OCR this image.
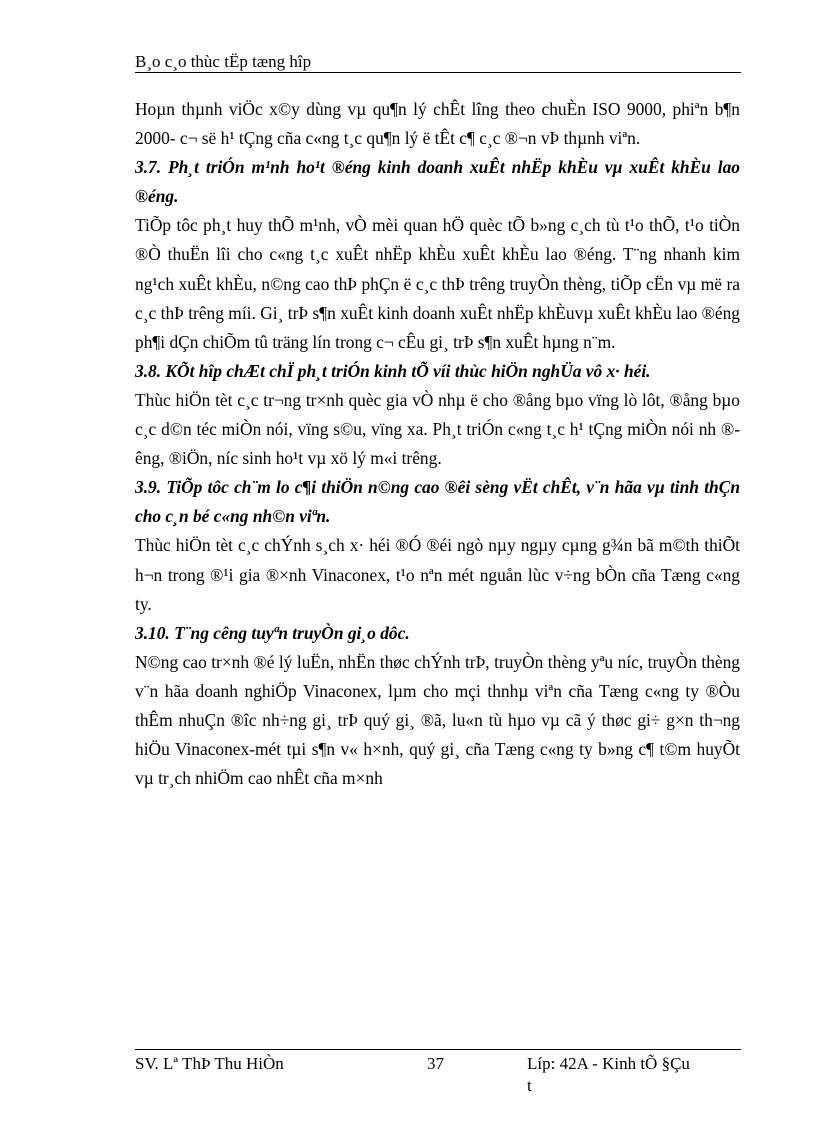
B¸o c¸o thùc tËp tæng hîp

Hoµn thµnh viÖc x©y dùng vµ qu¶n lý chÊt lîng theo chuÈn ISO 9000, phiªn b¶n 2000- c¬ së h¹ tÇng cña c«ng t¸c qu¶n lý ë tÊt c¶ c¸c ®¬n vÞ thµnh viªn.

3.7. Ph¸t triÓn m¹nh ho¹t ®éng kinh doanh xuÊt nhËp khÈu vµ xuÊt khÈu lao ®éng.

TiÕp tôc ph¸t huy thÕ m¹nh, vÒ mèi quan hÖ quèc tÕ b»ng c¸ch tù t¹o thÕ, t¹o tiÒn ®Ò thuËn lîi cho c«ng t¸c xuÊt nhËp khÈu xuÊt khÈu lao ®éng. T¨ng nhanh kim ng¹ch xuÊt khÈu, n©ng cao thÞ phÇn ë c¸c thÞ trêng truyÒn thèng, tiÕp cËn vµ më ra c¸c thÞ trêng míi. Gi¸ trÞ s¶n xuÊt kinh doanh xuÊt nhËp khÈuvµ xuÊt khÈu lao ®éng ph¶i dÇn chiÕm tû träng lín trong c¬ cÊu gi¸ trÞ s¶n xuÊt hµng n¨m.

3.8. KÕt hîp chÆt chÏ ph¸t triÓn kinh tÕ víi thùc hiÖn nghÜa vô x· héi.

Thùc hiÖn tèt c¸c tr¬ng tr×nh quèc gia vÒ nhµ ë cho ®ång bµo vïng lò lôt, ®ång bµo c¸c d©n téc miÒn nói, vïng s©u, vïng xa. Ph¸t triÓn c«ng t¸c h¹ tÇng miÒn nói nh ®êng, ®iÖn, níc sinh ho¹t vµ xö lý m«i trêng.

3.9. TiÕp tôc ch¨m lo c¶i thiÖn n©ng cao ®êi sèng vËt chÊt, v¨n hãa vµ tinh thÇn cho c¸n bé c«ng nh©n viªn.

Thùc hiÖn tèt c¸c chÝnh s¸ch x· héi ®Ó ®éi ngò nµy ngµy cµng g¾n bã m©th thiÕt h¬n trong ®¹i gia ®×nh Vinaconex, t¹o nªn mét nguån lùc v÷ng bÒn cña Tæng c«ng ty.

3.10. T¨ng cêng tuyªn truyÒn gi¸o dôc.

N©ng cao tr×nh ®é lý luËn, nhËn thøc chÝnh trÞ, truyÒn thèng yªu níc, truyÒn thèng v¨n hãa doanh nghiÖp Vinaconex, lµm cho mçi thnhµ viªn cña Tæng c«ng ty ®Òu thÊm nhuÇn ®îc nh÷ng gi¸ trÞ quý gi¸ ®ã, lu«n tù hµo vµ cã ý thøc gi÷ g×n th¬ng hiÖu Vinaconex-mét tµi s¶n v« h×nh, quý gi¸ cña Tæng c«ng ty b»ng c¶ t©m huyÕt vµ tr¸ch nhiÖm cao nhÊt cña m×nh

SV. Lª ThÞ Thu HiÒn	37	Líp: 42A - Kinh tÕ §Çu t
